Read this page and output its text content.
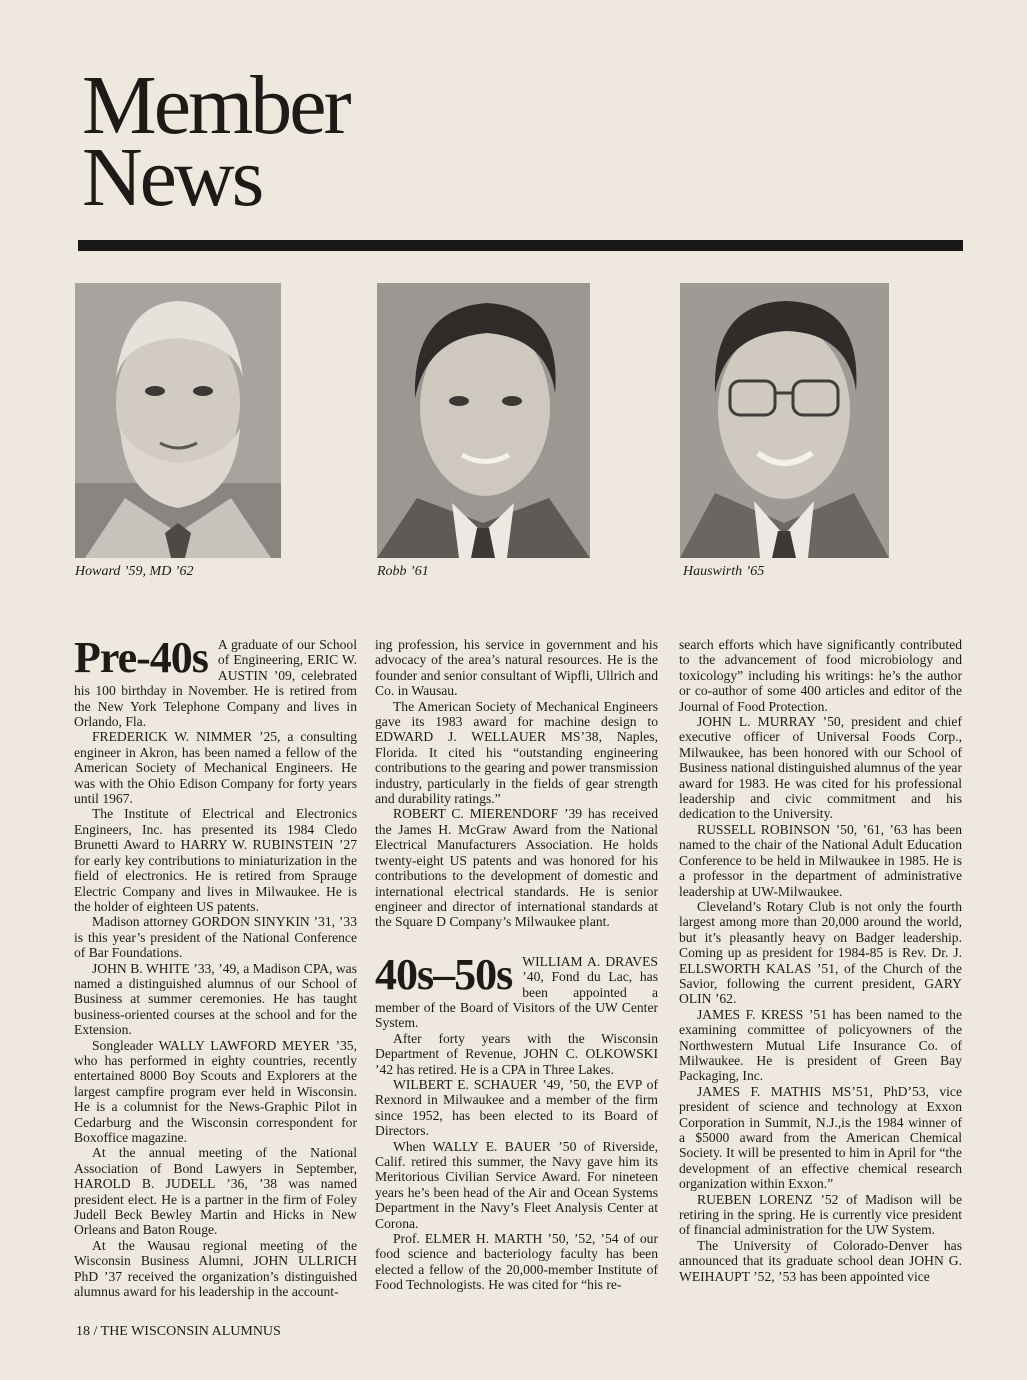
Member
News
Howard ’59, MD ’62	Robb ’61	Hauswirth ’65
Pre-40s A graduate of our School of Engineering, ERIC W. AUSTIN ’09, celebrated his 100 birthday in November. He is retired from the New York Telephone Company and lives in Orlando, Fla.

FREDERICK W. NIMMER ’25, a consulting engineer in Akron, has been named a fellow of the American Society of Mechanical Engineers. He was with the Ohio Edison Company for forty years until 1967.

The Institute of Electrical and Electronics Engineers, Inc. has presented its 1984 Cledo Brunetti Award to HARRY W. RUBINSTEIN ’27 for early key contributions to miniaturization in the field of electronics. He is retired from Sprauge Electric Company and lives in Milwaukee. He is the holder of eighteen US patents.

Madison attorney GORDON SINYKIN ’31, ’33 is this year’s president of the National Conference of Bar Foundations.

JOHN B. WHITE ’33, ’49, a Madison CPA, was named a distinguished alumnus of our School of Business at summer ceremonies. He has taught business-oriented courses at the school and for the Extension.

Songleader WALLY LAWFORD MEYER ’35, who has performed in eighty countries, recently entertained 8000 Boy Scouts and Explorers at the largest campfire program ever held in Wisconsin. He is a columnist for the News-Graphic Pilot in Cedarburg and the Wisconsin correspondent for Boxoffice magazine.

At the annual meeting of the National Association of Bond Lawyers in September, HAROLD B. JUDELL ’36, ’38 was named president elect. He is a partner in the firm of Foley Judell Beck Bewley Martin and Hicks in New Orleans and Baton Rouge.

At the Wausau regional meeting of the Wisconsin Business Alumni, JOHN ULLRICH PhD ’37 received the organization’s distinguished alumnus award for his leadership in the account-

ing profession, his service in government and his advocacy of the area’s natural resources. He is the founder and senior consultant of Wipfli, Ullrich and Co. in Wausau.

The American Society of Mechanical Engineers gave its 1983 award for machine design to EDWARD J. WELLAUER MS’38, Naples, Florida. It cited his “outstanding engineering contributions to the gearing and power transmission industry, particularly in the fields of gear strength and durability ratings.”

ROBERT C. MIERENDORF ’39 has received the James H. McGraw Award from the National Electrical Manufacturers Association. He holds twenty-eight US patents and was honored for his contributions to the development of domestic and international electrical standards. He is senior engineer and director of international standards at the Square D Company’s Milwaukee plant.

40s–50s WILLIAM A. DRAVES ’40, Fond du Lac, has been appointed a member of the Board of Visitors of the UW Center System.

After forty years with the Wisconsin Department of Revenue, JOHN C. OLKOWSKI ’42 has retired. He is a CPA in Three Lakes.

WILBERT E. SCHAUER ’49, ’50, the EVP of Rexnord in Milwaukee and a member of the firm since 1952, has been elected to its Board of Directors.

When WALLY E. BAUER ’50 of Riverside, Calif. retired this summer, the Navy gave him its Meritorious Civilian Service Award. For nineteen years he’s been head of the Air and Ocean Systems Department in the Navy’s Fleet Analysis Center at Corona.

Prof. ELMER H. MARTH ’50, ’52, ’54 of our food science and bacteriology faculty has been elected a fellow of the 20,000-member Institute of Food Technologists. He was cited for “his re-

search efforts which have significantly contributed to the advancement of food microbiology and toxicology” including his writings: he’s the author or co-author of some 400 articles and editor of the Journal of Food Protection.

JOHN L. MURRAY ’50, president and chief executive officer of Universal Foods Corp., Milwaukee, has been honored with our School of Business national distinguished alumnus of the year award for 1983. He was cited for his professional leadership and civic commitment and his dedication to the University.

RUSSELL ROBINSON ’50, ’61, ’63 has been named to the chair of the National Adult Education Conference to be held in Milwaukee in 1985. He is a professor in the department of administrative leadership at UW-Milwaukee.

Cleveland’s Rotary Club is not only the fourth largest among more than 20,000 around the world, but it’s pleasantly heavy on Badger leadership. Coming up as president for 1984-85 is Rev. Dr. J. ELLSWORTH KALAS ’51, of the Church of the Savior, following the current president, GARY OLIN ’62.

JAMES F. KRESS ’51 has been named to the examining committee of policyowners of the Northwestern Mutual Life Insurance Co. of Milwaukee. He is president of Green Bay Packaging, Inc.

JAMES F. MATHIS MS’51, PhD’53, vice president of science and technology at Exxon Corporation in Summit, N.J.,is the 1984 winner of a $5000 award from the American Chemical Society. It will be presented to him in April for “the development of an effective chemical research organization within Exxon.”

RUEBEN LORENZ ’52 of Madison will be retiring in the spring. He is currently vice president of financial administration for the UW System.

The University of Colorado-Denver has announced that its graduate school dean JOHN G. WEIHAUPT ’52, ’53 has been appointed vice

18 / THE WISCONSIN ALUMNUS
